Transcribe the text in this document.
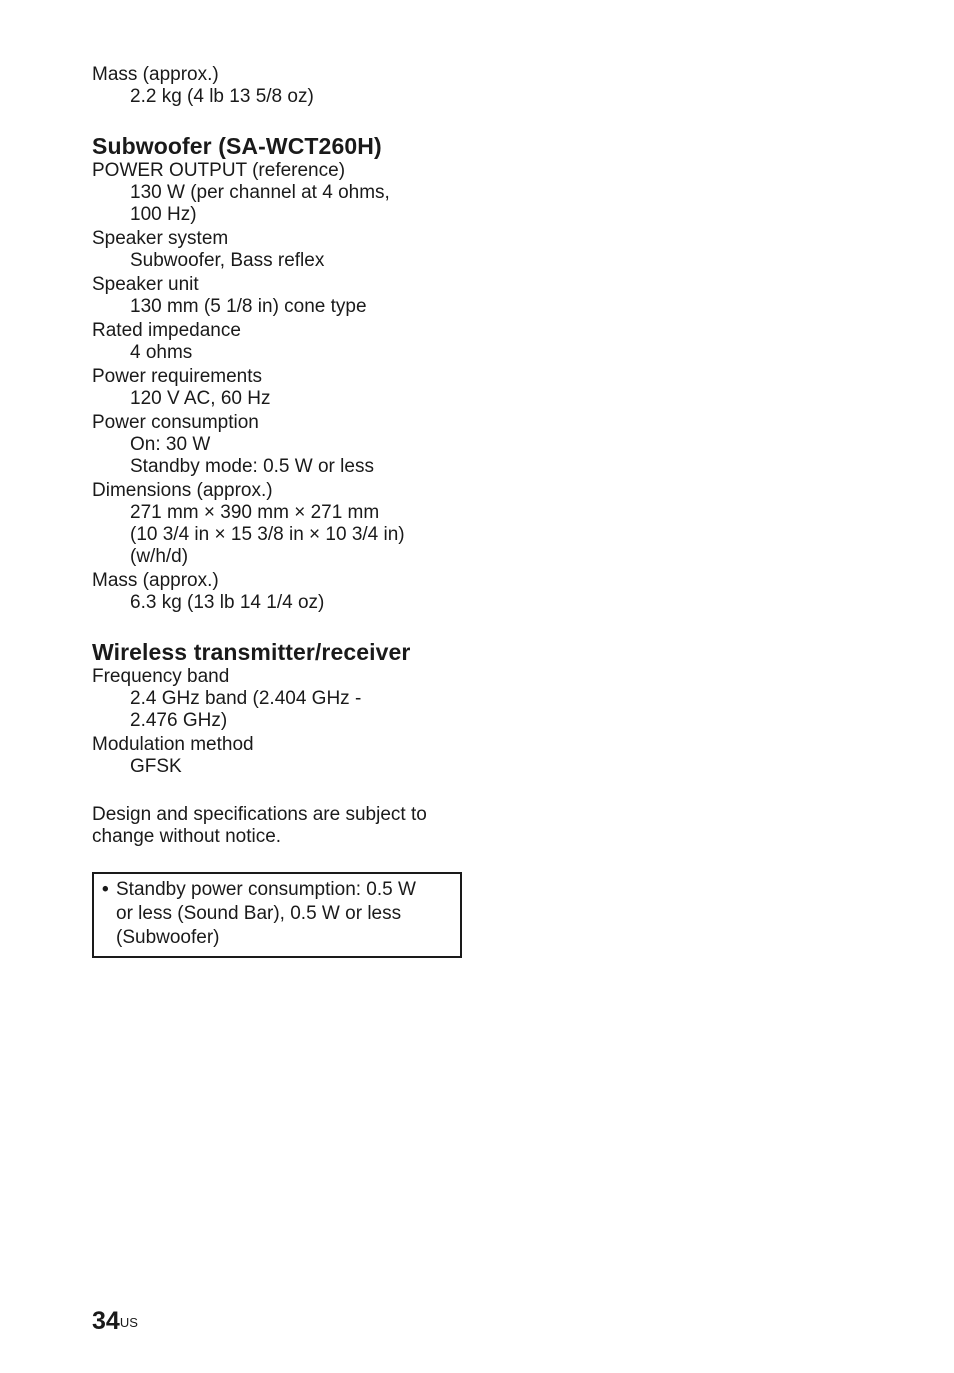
Mass (approx.)

2.2 kg (4 lb 13 5/8 oz)

Subwoofer (SA-WCT260H)

POWER OUTPUT (reference)

130 W (per channel at 4 ohms,

100 Hz)

Speaker system

Subwoofer, Bass reflex

Speaker unit

130 mm (5 1/8 in) cone type

Rated impedance

4 ohms

Power requirements

120 V AC, 60 Hz

Power consumption

On: 30 W

Standby mode: 0.5 W or less

Dimensions (approx.)

271 mm × 390 mm × 271 mm

(10 3/4 in × 15 3/8 in × 10 3/4 in)

(w/h/d)

Mass (approx.)

6.3 kg (13 lb 14 1/4 oz)

Wireless transmitter/receiver

Frequency band

2.4 GHz band (2.404 GHz -

2.476 GHz)

Modulation method

GFSK

Design and specifications are subject to

change without notice.

• Standby power consumption: 0.5 W
or less (Sound Bar), 0.5 W or less
(Subwoofer)
$34^{US}$
